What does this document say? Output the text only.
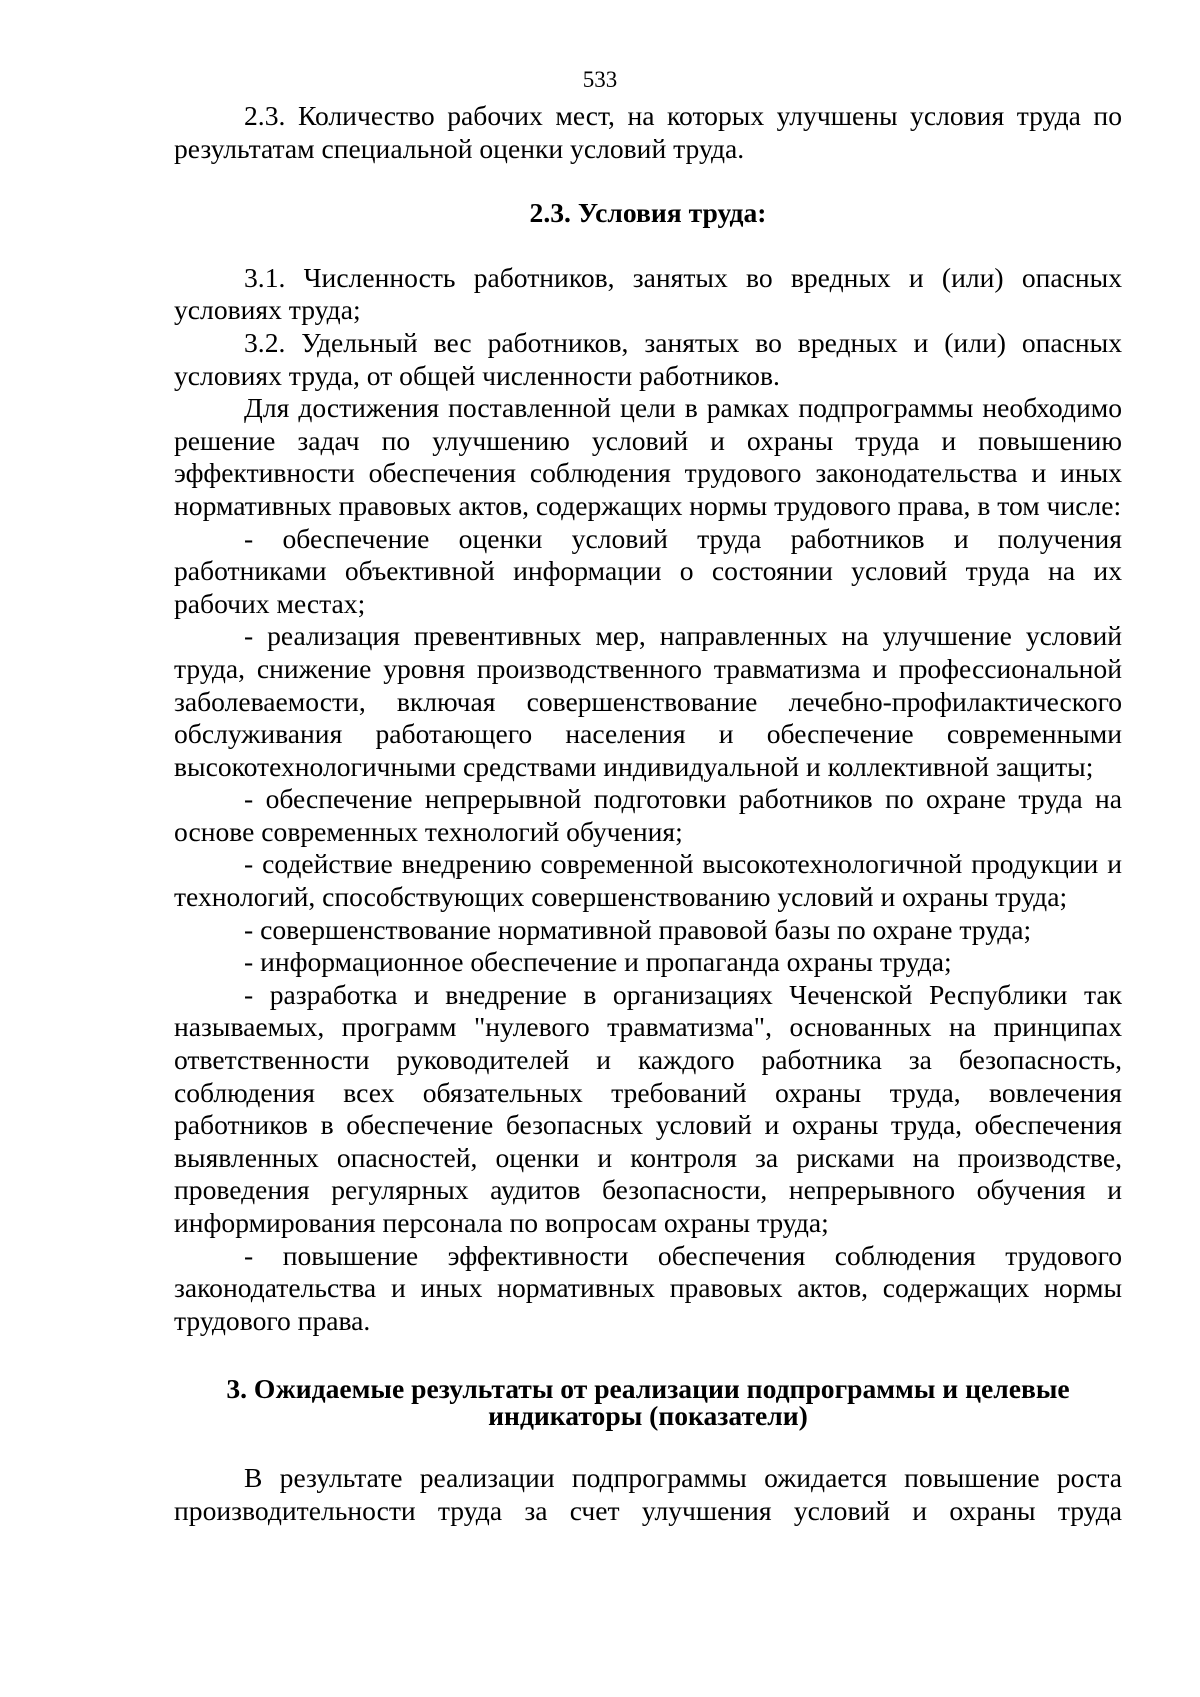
533

2.3. Количество рабочих мест, на которых улучшены условия труда по результатам специальной оценки условий труда.

2.3. Условия труда:

3.1. Численность работников, занятых во вредных и (или) опасных условиях труда;

3.2. Удельный вес работников, занятых во вредных и (или) опасных условиях труда, от общей численности работников.

Для достижения поставленной цели в рамках подпрограммы необходимо решение задач по улучшению условий и охраны труда и повышению эффективности обеспечения соблюдения трудового законодательства и иных нормативных правовых актов, содержащих нормы трудового права, в том числе:

- обеспечение оценки условий труда работников и получения работниками объективной информации о состоянии условий труда на их рабочих местах;

- реализация превентивных мер, направленных на улучшение условий труда, снижение уровня производственного травматизма и профессиональной заболеваемости, включая совершенствование лечебно-профилактического обслуживания работающего населения и обеспечение современными высокотехнологичными средствами индивидуальной и коллективной защиты;

- обеспечение непрерывной подготовки работников по охране труда на основе современных технологий обучения;

- содействие внедрению современной высокотехнологичной продукции и технологий, способствующих совершенствованию условий и охраны труда;

- совершенствование нормативной правовой базы по охране труда;

- информационное обеспечение и пропаганда охраны труда;

- разработка и внедрение в организациях Чеченской Республики так называемых, программ "нулевого травматизма", основанных на принципах ответственности руководителей и каждого работника за безопасность, соблюдения всех обязательных требований охраны труда, вовлечения работников в обеспечение безопасных условий и охраны труда, обеспечения выявленных опасностей, оценки и контроля за рисками на производстве, проведения регулярных аудитов безопасности, непрерывного обучения и информирования персонала по вопросам охраны труда;

- повышение эффективности обеспечения соблюдения трудового законодательства и иных нормативных правовых актов, содержащих нормы трудового права.

3. Ожидаемые результаты от реализации подпрограммы и целевые
индикаторы (показатели)

В результате реализации подпрограммы ожидается повышение роста производительности труда за счет улучшения условий и охраны труда
